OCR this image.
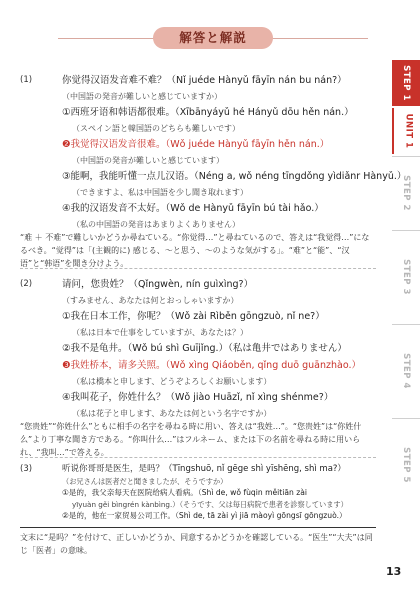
解答と解説
(1)	你觉得汉语发音难不难？（Nǐ juéde Hànyǔ fāyīn nán bu nán?）
（中国語の発音が難しいと感じていますか）
①西班牙语和韩语都很难。（Xībānyáyǔ hé Hányǔ dōu hěn nán.）
（スペイン語と韓国語のどちらも難しいです）
❷我觉得汉语发音很难。（Wǒ juéde Hànyǔ fāyīn hěn nán.）
（中国語の発音が難しいと感じています）
③能啊，我能听懂一点儿汉语。（Néng a, wǒ néng tīngdǒng yìdiǎnr Hànyǔ.）
（できますよ、私は中国語を少し聞き取れます）
④我的汉语发音不太好。（Wǒ de Hànyǔ fāyīn bú tài hǎo.）
（私の中国語の発音はあまりよくありません）
“难 ＋ 不难”で難しいかどうか尋ねている。“你觉得…”と尋ねているので、答えは“我觉得…”になるべき。“觉得”は「(主観的に) 感じる、～と思う、～のような気がする」。“难”と“能”、“汉语”と“韩语”を聞き分けよう。
(2)	请问，您贵姓？（Qǐngwèn, nín guìxìng?）
（すみません、あなたは何とおっしゃいますか）
①我在日本工作，你呢？（Wǒ zài Rìběn gōngzuò, nǐ ne?）
（私は日本で仕事をしていますが、あなたは？）
②我不是龟井。（Wǒ bú shì Guījǐng.）（私は亀井ではありません）
❸我姓桥本，请多关照。（Wǒ xìng Qiáoběn, qǐng duō guānzhào.）
（私は橋本と申します、どうぞよろしくお願いします）
④我叫花子，你姓什么？（Wǒ jiào Huāzǐ, nǐ xìng shénme?）
（私は花子と申します、あなたは何という名字ですか）
“您贵姓”“你姓什么”ともに相手の名字を尋ねる時に用い、答えは“我姓…”。“您贵姓”は“你姓什么”より丁寧な聞き方である。“你叫什么…”はフルネーム、または下の名前を尋ねる時に用いられ、“我叫…”で答える。
(3)	听说你哥哥是医生，是吗？（Tīngshuō, nǐ gēge shì yīshēng, shì ma?）
（お兄さんは医者だと聞きましたが、そうですか）
①是的，我父亲每天在医院给病人看病。（Shì de, wǒ fùqin měitiān zài
yīyuàn gěi bìngrén kànbìng.）（そうです、父は毎日病院で患者を診察しています）
②是的，他在一家贸易公司工作。（Shì de, tā zài yì jiā màoyì gōngsī gōngzuò.）
文末に“是吗？”を付けて、正しいかどうか、同意するかどうかを確認している。“医生”“大夫”は同じ「医者」の意味。
STEP 1
UNIT 1
STEP 2
STEP 3
STEP 4
STEP 5
13
